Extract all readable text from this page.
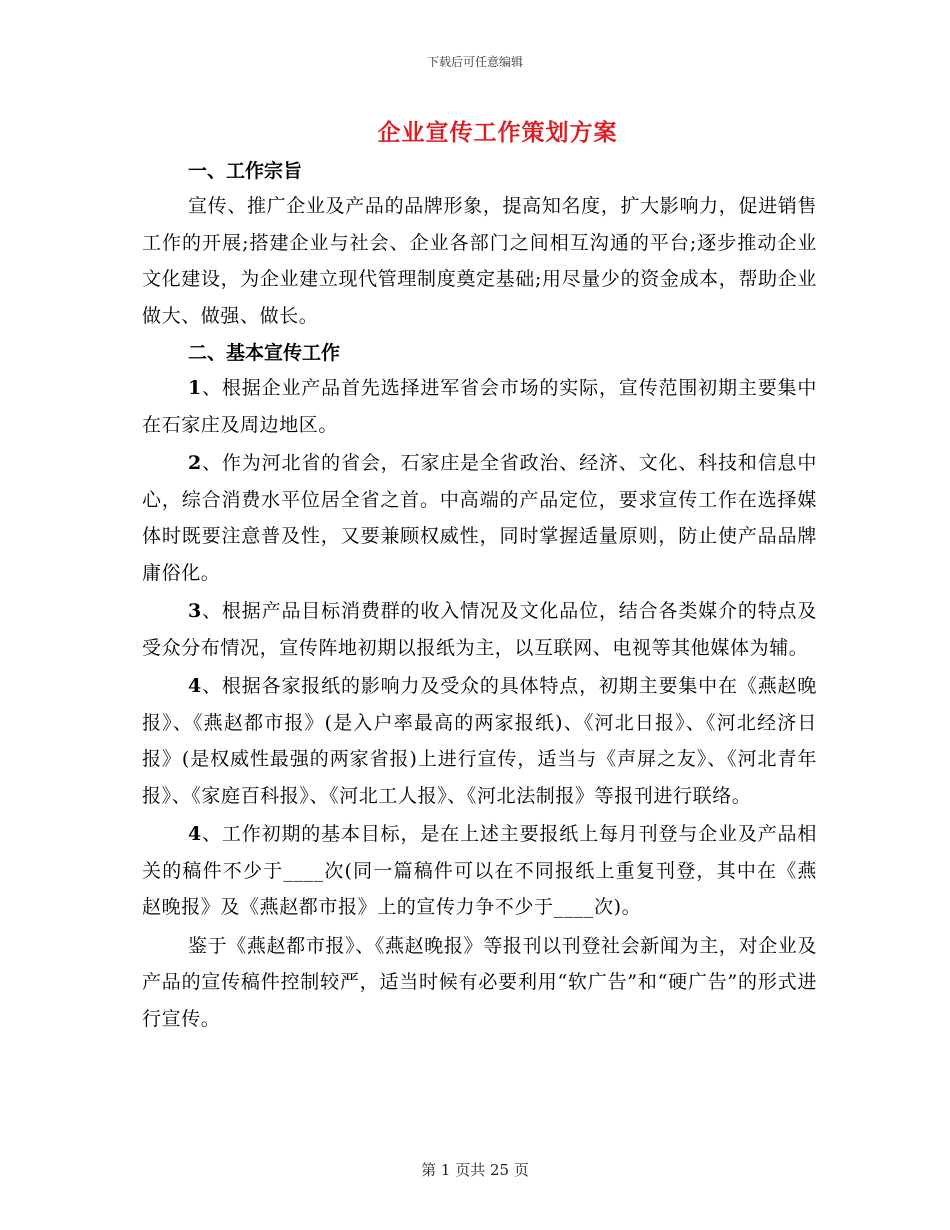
下载后可任意编辑
企业宣传工作策划方案
一、工作宗旨

宣传、推广企业及产品的品牌形象，提高知名度，扩大影响力，促进销售工作的开展;搭建企业与社会、企业各部门之间相互沟通的平台;逐步推动企业文化建设，为企业建立现代管理制度奠定基础;用尽量少的资金成本，帮助企业做大、做强、做长。

二、基本宣传工作

1、根据企业产品首先选择进军省会市场的实际，宣传范围初期主要集中在石家庄及周边地区。

2、作为河北省的省会，石家庄是全省政治、经济、文化、科技和信息中心，综合消费水平位居全省之首。中高端的产品定位，要求宣传工作在选择媒体时既要注意普及性，又要兼顾权威性，同时掌握适量原则，防止使产品品牌庸俗化。

3、根据产品目标消费群的收入情况及文化品位，结合各类媒介的特点及受众分布情况，宣传阵地初期以报纸为主，以互联网、电视等其他媒体为辅。

4、根据各家报纸的影响力及受众的具体特点，初期主要集中在《燕赵晚报》、《燕赵都市报》(是入户率最高的两家报纸)、《河北日报》、《河北经济日报》(是权威性最强的两家省报)上进行宣传，适当与《声屏之友》、《河北青年报》、《家庭百科报》、《河北工人报》、《河北法制报》等报刊进行联络。

4、工作初期的基本目标，是在上述主要报纸上每月刊登与企业及产品相关的稿件不少于____次(同一篇稿件可以在不同报纸上重复刊登，其中在《燕赵晚报》及《燕赵都市报》上的宣传力争不少于____次)。

鉴于《燕赵都市报》、《燕赵晚报》等报刊以刊登社会新闻为主，对企业及产品的宣传稿件控制较严，适当时候有必要利用“软广告”和“硬广告”的形式进行宣传。

第 1 页共 25 页
